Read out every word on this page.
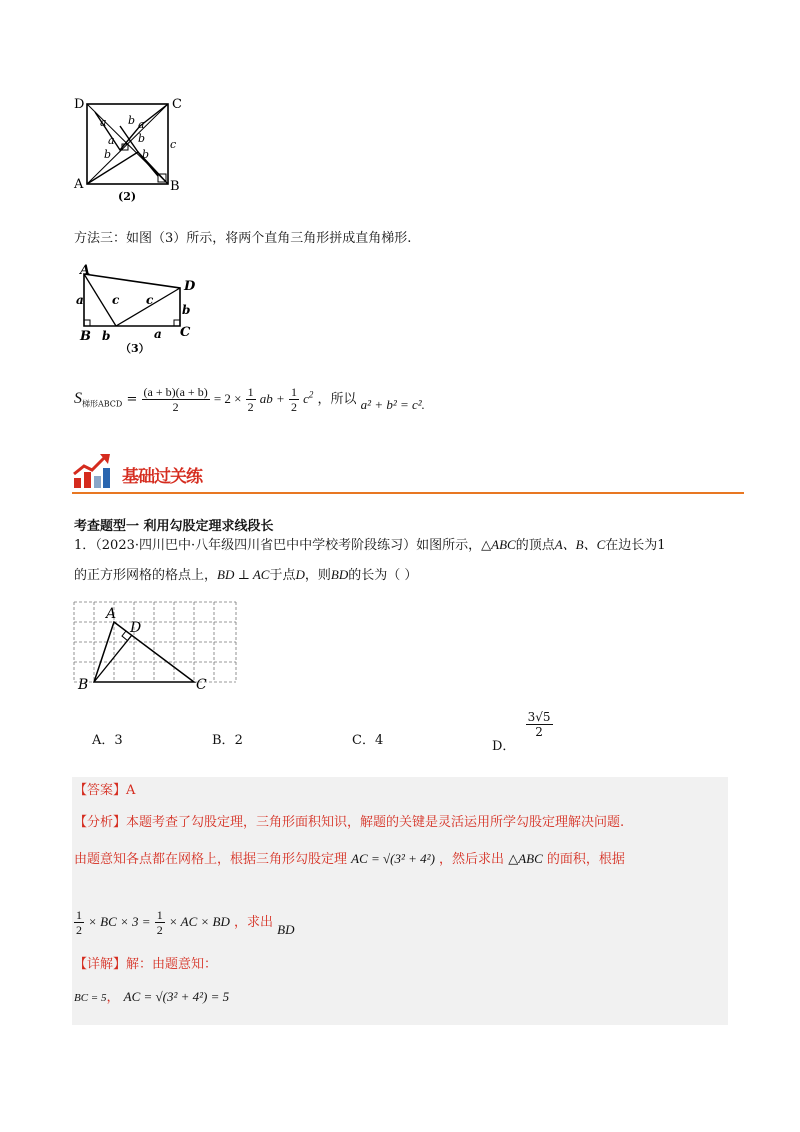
D	C
A	B
a	a
a
b
b
b
b
c
(2)
方法三：如图（3）所示，将两个直角三角形拼成直角梯形.
A
D
B	C
a
a
b
b
c c
（3）
$S_{梯形ABCD} = \frac{(a + b)(a + b)}{2} = 2 \times \frac{1}{2}$ ab + $\frac{1}{2} c^2$ ，所以 a² + b² = c².
基础过关练
考查题型一 利用勾股定理求线段长
1．（2023·四川巴中·八年级四川省巴中中学校考阶段练习）如图所示，△ABC的顶点A、B、C在边长为1
的正方形网格的格点上，BD ⊥ AC于点D，则BD的长为（ ）
A
D
B	C
A．3	B．2	C．4	D．
$\frac{3√5}{2}$
【答案】A
【分析】本题考查了勾股定理，三角形面积知识，解题的关键是灵活运用所学勾股定理解决问题.
由题意知各点都在网格上，根据三角形勾股定理 AC = √(3² + 4²) ，然后求出 △ABC 的面积，根据
$\frac{1}{2}$ × BC × $3 = \frac{1}{2}$ × AC × BD ，求出 BD
【详解】解：由题意知：
BC = 5， AC = √(3² + 4²) = 5
